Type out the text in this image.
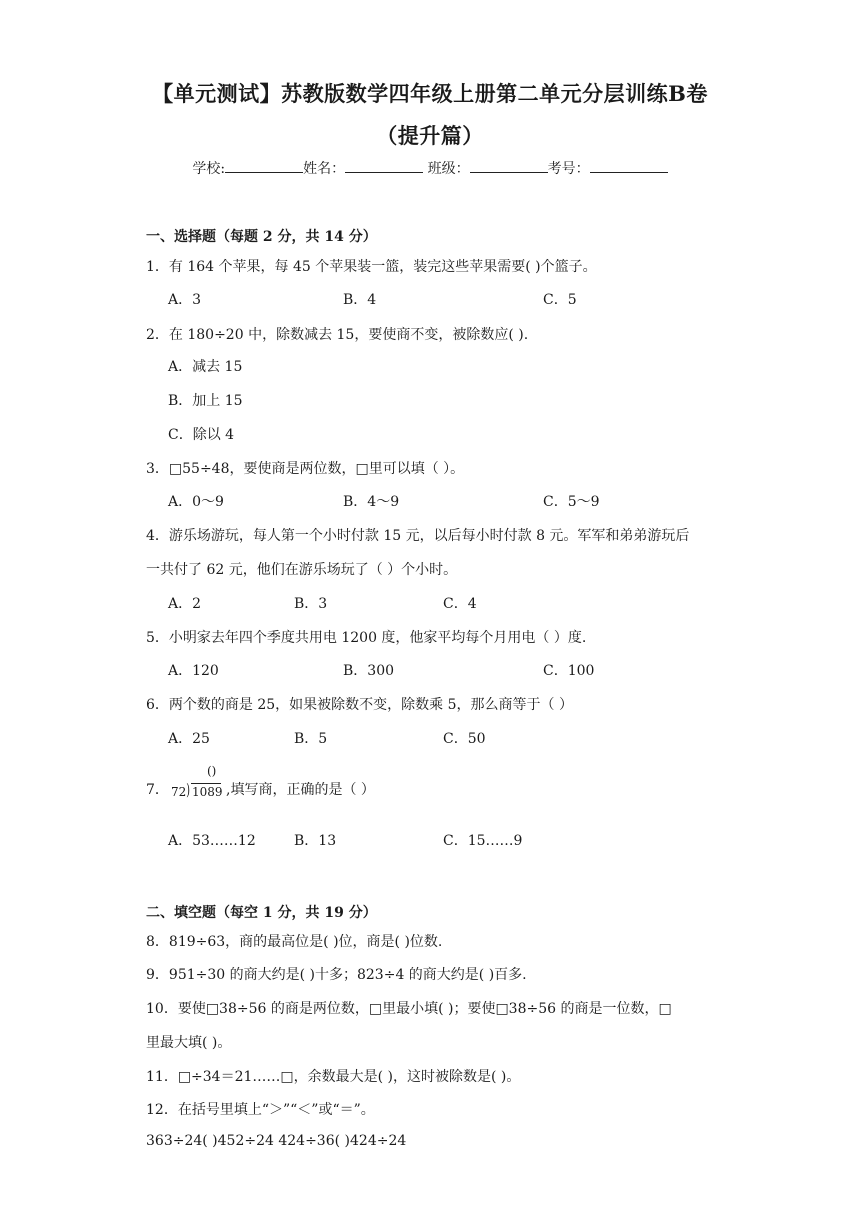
【单元测试】苏教版数学四年级上册第二单元分层训练B卷
（提升篇）
学校:	姓名：	班级：	考号：
一、选择题（每题 2 分，共 14 分）
1．有 164 个苹果，每 45 个苹果装一篮，装完这些苹果需要( )个篮子。
A．3	B．4	C．5
2．在 180÷20 中，除数减去 15，要使商不变，被除数应( ).
A．减去 15
B．加上 15
C．除以 4
3．□55÷48，要使商是两位数，□里可以填（ ）。
A．0～9	B．4～9	C．5～9
4．游乐场游玩，每人第一个小时付款 15 元，以后每小时付款 8 元。军军和弟弟游玩后
一共付了 62 元，他们在游乐场玩了（ ）个小时。
A．2	B．3	C．4
5．小明家去年四个季度共用电 1200 度，他家平均每个月用电（ ）度.
A．120	B．300	C．100
6．两个数的商是 25，如果被除数不变，除数乘 5，那么商等于（ ）
A．25	B．5	C．50
7．
()
)
72 1089 ,填写商，正确的是（ ）
A．53……12	B．13	C．15……9
二、填空题（每空 1 分，共 19 分）
8．819÷63，商的最高位是( )位，商是( )位数.
9．951÷30 的商大约是( )十多；823÷4 的商大约是( )百多.
10．要使□38÷56 的商是两位数，□里最小填( )；要使□38÷56 的商是一位数，□
里最大填( )。
11．□÷34＝21……□，余数最大是( )，这时被除数是( )。
12．在括号里填上“＞”“＜”或“＝”。
363÷24( )452÷24 424÷36( )424÷24
